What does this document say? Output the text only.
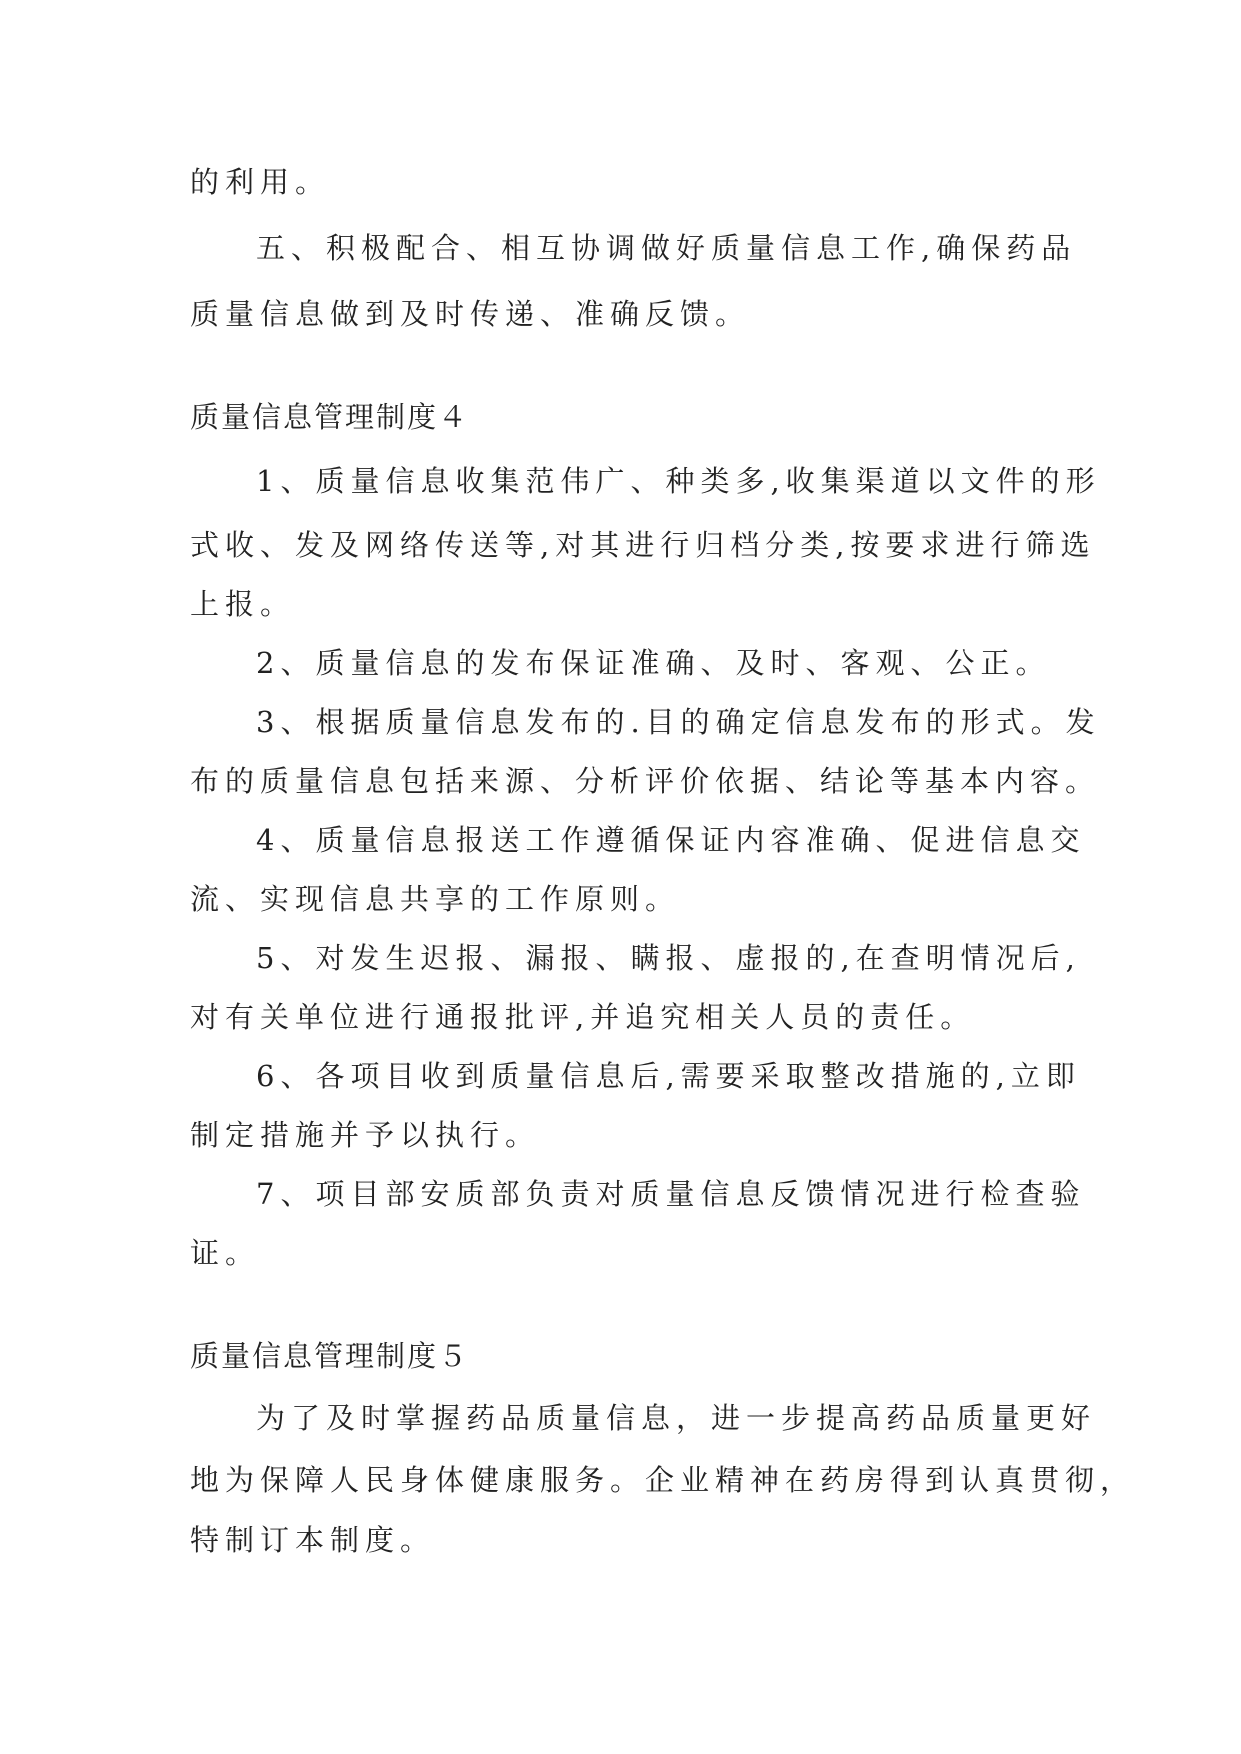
的利用。
五、积极配合、相互协调做好质量信息工作,确保药品
质量信息做到及时传递、准确反馈。
质量信息管理制度４
1、质量信息收集范伟广、种类多,收集渠道以文件的形
式收、发及网络传送等,对其进行归档分类,按要求进行筛选
上报。
2、质量信息的发布保证准确、及时、客观、公正。
3、根据质量信息发布的.目的确定信息发布的形式。发
布的质量信息包括来源、分析评价依据、结论等基本内容。
4、质量信息报送工作遵循保证内容准确、促进信息交
流、实现信息共享的工作原则。
5、对发生迟报、漏报、瞒报、虚报的,在查明情况后,
对有关单位进行通报批评,并追究相关人员的责任。
6、各项目收到质量信息后,需要采取整改措施的,立即
制定措施并予以执行。
7、项目部安质部负责对质量信息反馈情况进行检查验
证。
质量信息管理制度５
为了及时掌握药品质量信息，进一步提高药品质量更好
地为保障人民身体健康服务。企业精神在药房得到认真贯彻，
特制订本制度。
